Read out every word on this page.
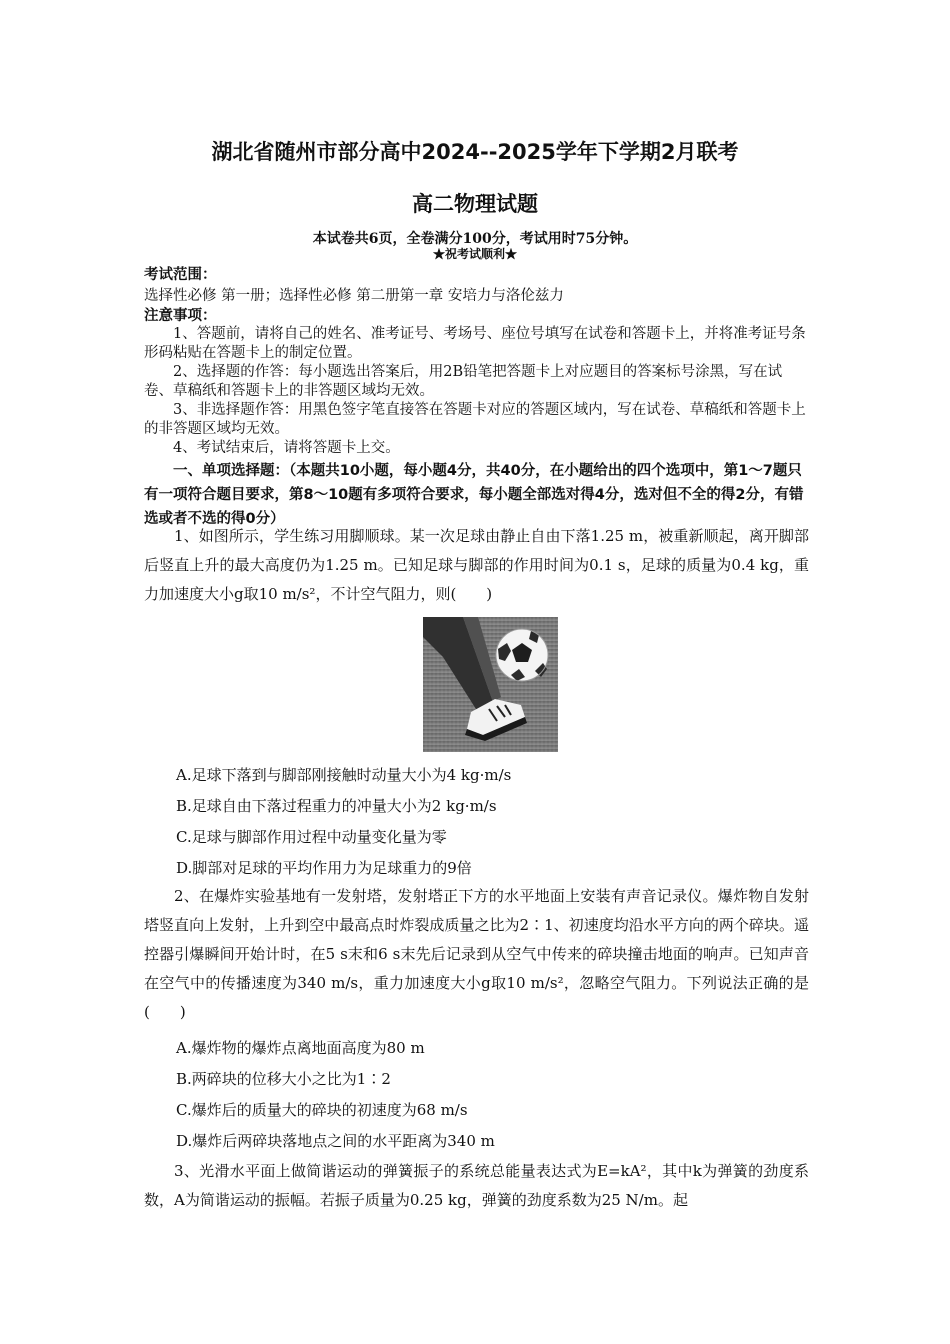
湖北省随州市部分高中2024--2025学年下学期2月联考
高二物理试题
本试卷共6页，全卷满分100分，考试用时75分钟。
★祝考试顺利★
考试范围：
选择性必修 第一册；选择性必修 第二册第一章 安培力与洛伦兹力
注意事项：
1、答题前，请将自己的姓名、准考证号、考场号、座位号填写在试卷和答题卡上，并将准考证号条形码粘贴在答题卡上的制定位置。
2、选择题的作答：每小题选出答案后，用2B铅笔把答题卡上对应题目的答案标号涂黑，写在试卷、草稿纸和答题卡上的非答题区域均无效。
3、非选择题作答：用黑色签字笔直接答在答题卡对应的答题区域内，写在试卷、草稿纸和答题卡上的非答题区域均无效。
4、考试结束后，请将答题卡上交。
一、单项选择题：（本题共10小题，每小题4分，共40分，在小题给出的四个选项中，第1～7题只有一项符合题目要求，第8～10题有多项符合要求，每小题全部选对得4分，选对但不全的得2分，有错选或者不选的得0分）
1、如图所示，学生练习用脚顺球。某一次足球由静止自由下落1.25 m，被重新顺起，离开脚部后竖直上升的最大高度仍为1.25 m。已知足球与脚部的作用时间为0.1 s，足球的质量为0.4 kg，重力加速度大小g取10 m/s²，不计空气阻力，则(　　)
A.足球下落到与脚部刚接触时动量大小为4 kg·m/s
B.足球自由下落过程重力的冲量大小为2 kg·m/s
C.足球与脚部作用过程中动量变化量为零
D.脚部对足球的平均作用力为足球重力的9倍
2、在爆炸实验基地有一发射塔，发射塔正下方的水平地面上安装有声音记录仪。爆炸物自发射塔竖直向上发射，上升到空中最高点时炸裂成质量之比为2∶1、初速度均沿水平方向的两个碎块。遥控器引爆瞬间开始计时，在5 s末和6 s末先后记录到从空气中传来的碎块撞击地面的响声。已知声音在空气中的传播速度为340 m/s，重力加速度大小g取10 m/s²，忽略空气阻力。下列说法正确的是(　　)
A.爆炸物的爆炸点离地面高度为80 m
B.两碎块的位移大小之比为1∶2
C.爆炸后的质量大的碎块的初速度为68 m/s
D.爆炸后两碎块落地点之间的水平距离为340 m
3、光滑水平面上做简谐运动的弹簧振子的系统总能量表达式为E=kA²，其中k为弹簧的劲度系数，A为简谐运动的振幅。若振子质量为0.25 kg，弹簧的劲度系数为25 N/m。起
